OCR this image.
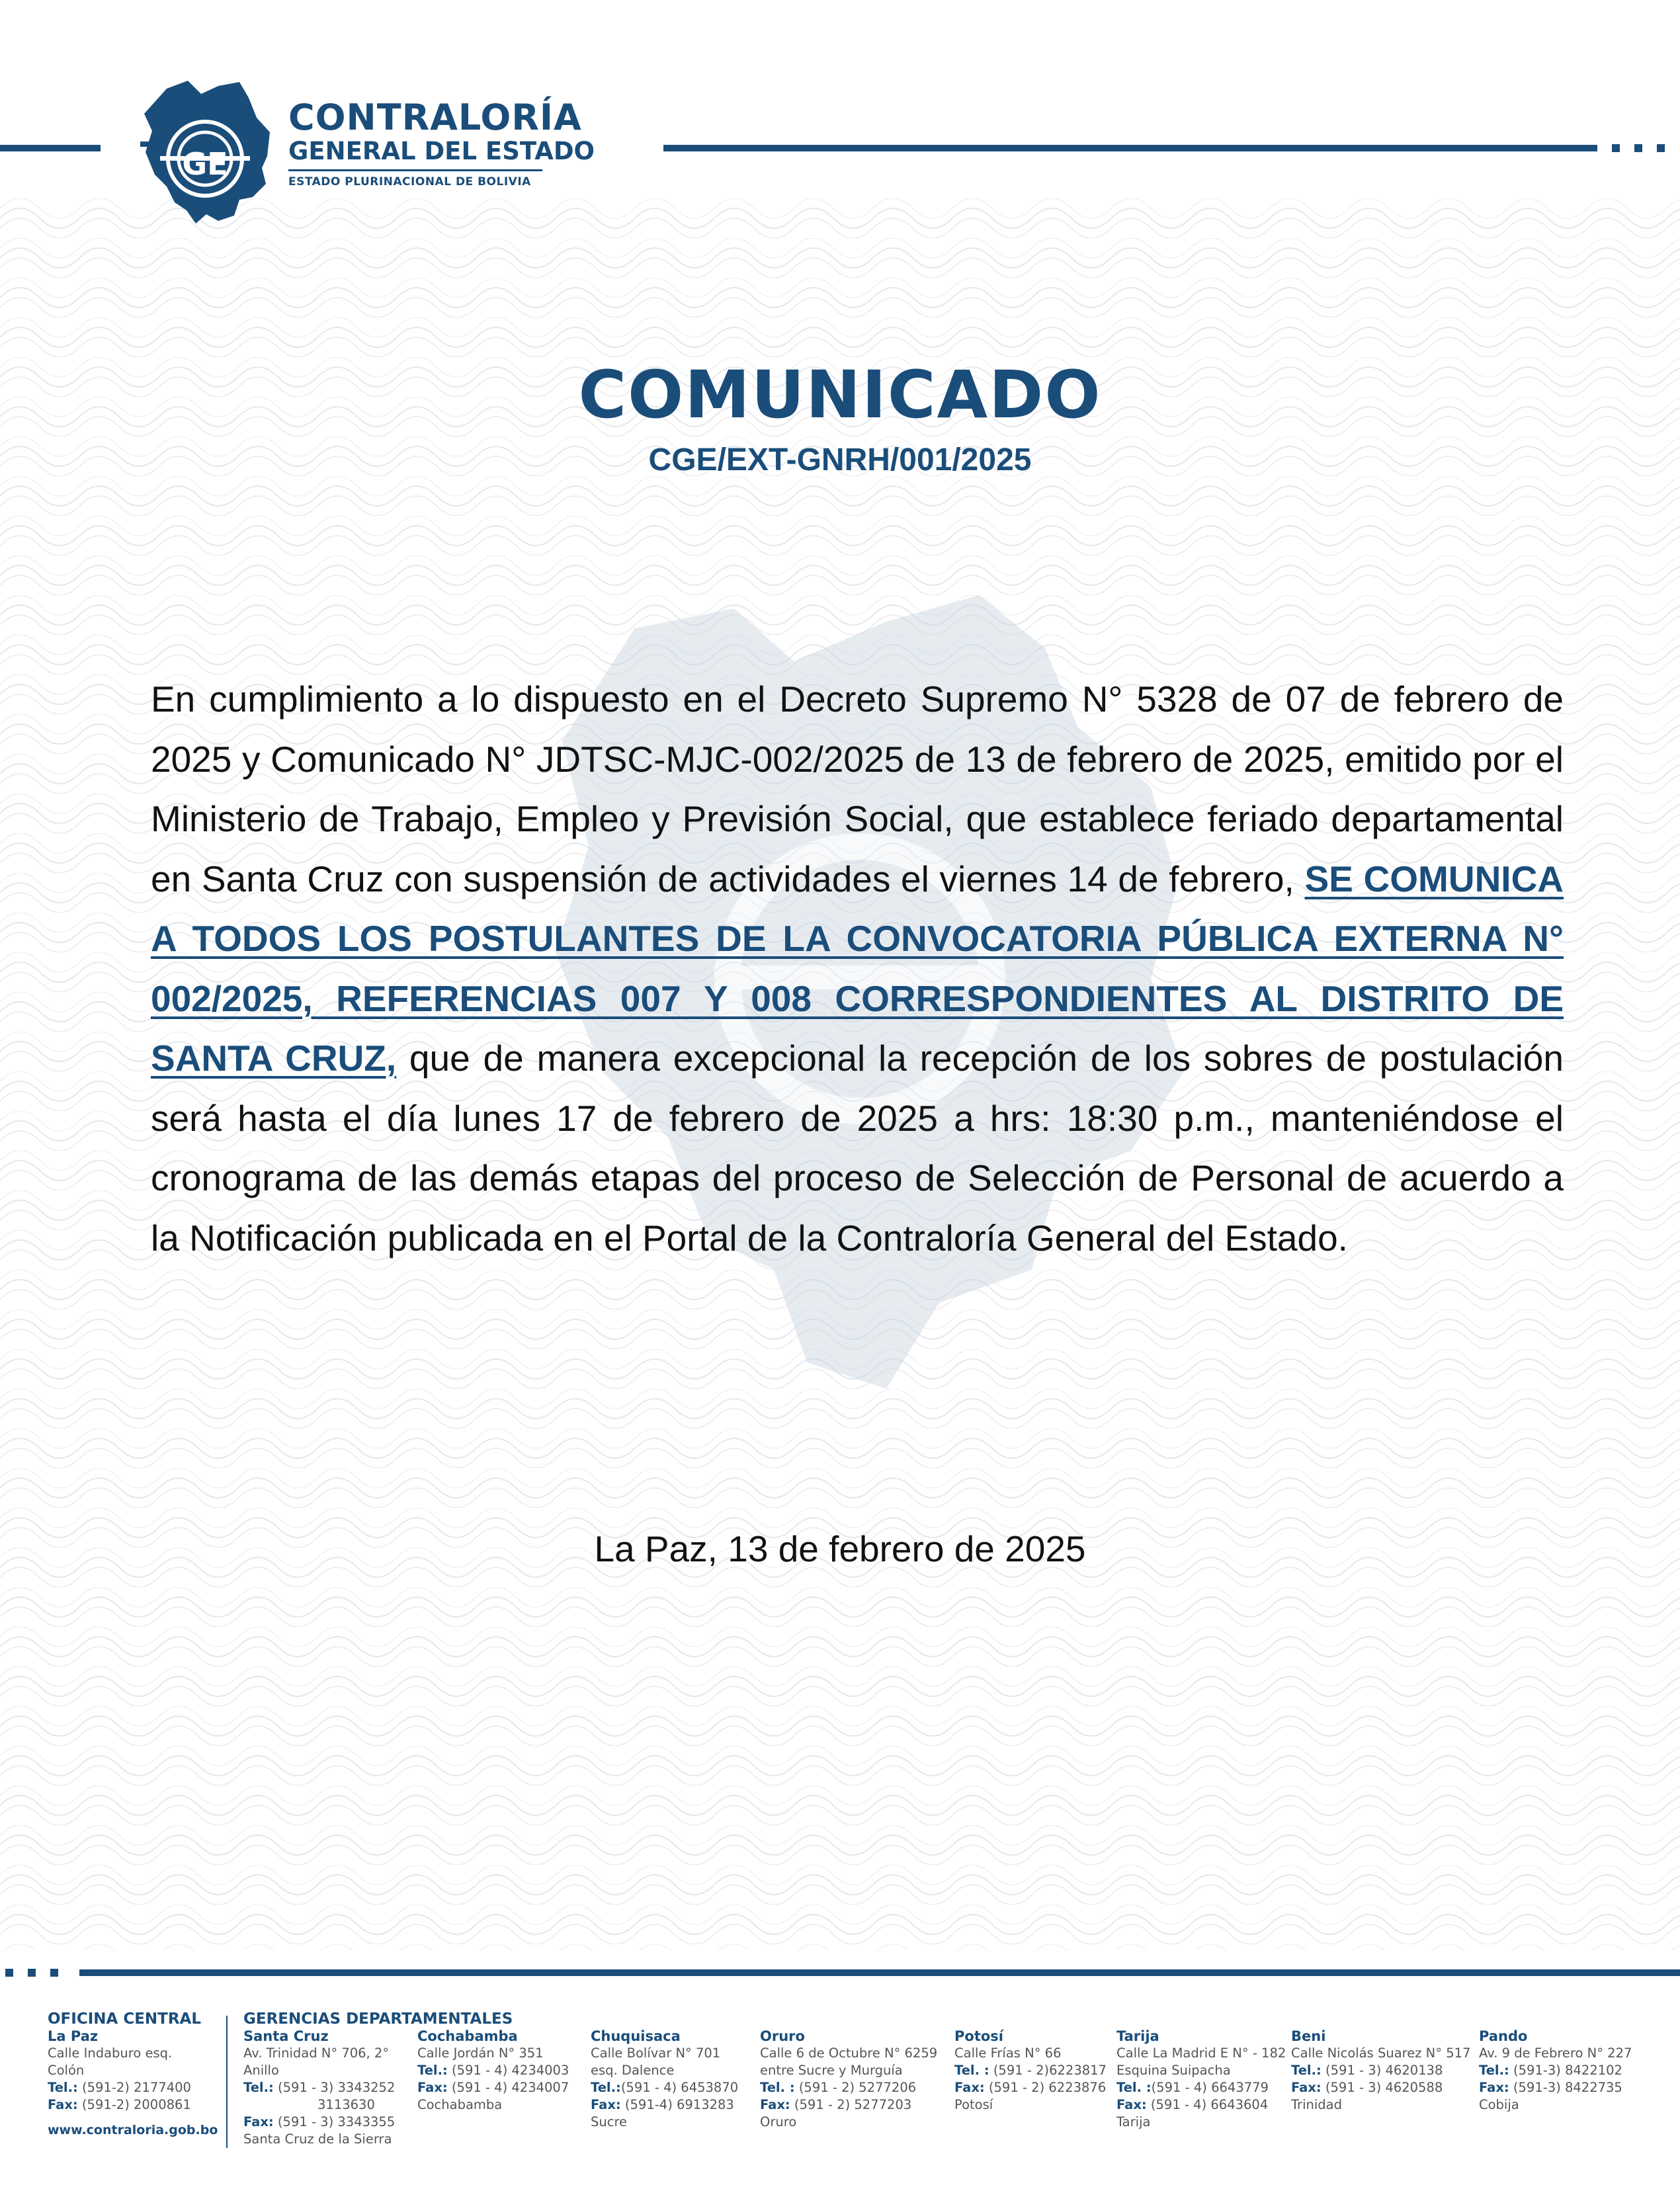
GE
CONTRALORÍA
GENERAL DEL ESTADO
ESTADO PLURINACIONAL DE BOLIVIA
COMUNICADO
CGE/EXT-GNRH/001/2025
En cumplimiento a lo dispuesto en el Decreto Supremo N° 5328 de 07 de febrero de 2025 y Comunicado N° JDTSC-MJC-002/2025 de 13 de febrero de 2025, emitido por el Ministerio de Trabajo, Empleo y Previsión Social, que establece feriado departamental en Santa Cruz con suspensión de actividades el viernes 14 de febrero, SE COMUNICA A TODOS LOS POSTULANTES DE LA CONVOCATORIA PÚBLICA EXTERNA N° 002/2025, REFERENCIAS 007 Y 008 CORRESPONDIENTES AL DISTRITO DE SANTA CRUZ, que de manera excepcional la recepción de los sobres de postulación será hasta el día lunes 17 de febrero de 2025 a hrs: 18:30 p.m., manteniéndose el cronograma de las demás etapas del proceso de Selección de Personal de acuerdo a la Notificación publicada en el Portal de la Contraloría General del Estado.
La Paz, 13 de febrero de 2025
OFICINA CENTRAL
La Paz
Calle Indaburo esq.
Colón
Tel.: (591-2) 2177400
Fax: (591-2) 2000861
www.contraloria.gob.bo
GERENCIAS DEPARTAMENTALES
Santa Cruz
Av. Trinidad N° 706, 2°
Anillo
Tel.: (591 - 3) 3343252
3113630
Fax: (591 - 3) 3343355
Santa Cruz de la Sierra
Cochabamba
Calle Jordán N° 351
Tel.: (591 - 4) 4234003
Fax: (591 - 4) 4234007
Cochabamba
Chuquisaca
Calle Bolívar N° 701
esq. Dalence
Tel.:(591 - 4) 6453870
Fax: (591-4) 6913283
Sucre
Oruro
Calle 6 de Octubre N° 6259
entre Sucre y Murguía
Tel. : (591 - 2) 5277206
Fax: (591 - 2) 5277203
Oruro
Potosí
Calle Frías N° 66
Tel. : (591 - 2)6223817
Fax: (591 - 2) 6223876
Potosí
Tarija
Calle La Madrid E N° - 182
Esquina Suipacha
Tel. :(591 - 4) 6643779
Fax: (591 - 4) 6643604
Tarija
Beni
Calle Nicolás Suarez N° 517
Tel.: (591 - 3) 4620138
Fax: (591 - 3) 4620588
Trinidad
Pando
Av. 9 de Febrero N° 227
Tel.: (591-3) 8422102
Fax: (591-3) 8422735
Cobija
